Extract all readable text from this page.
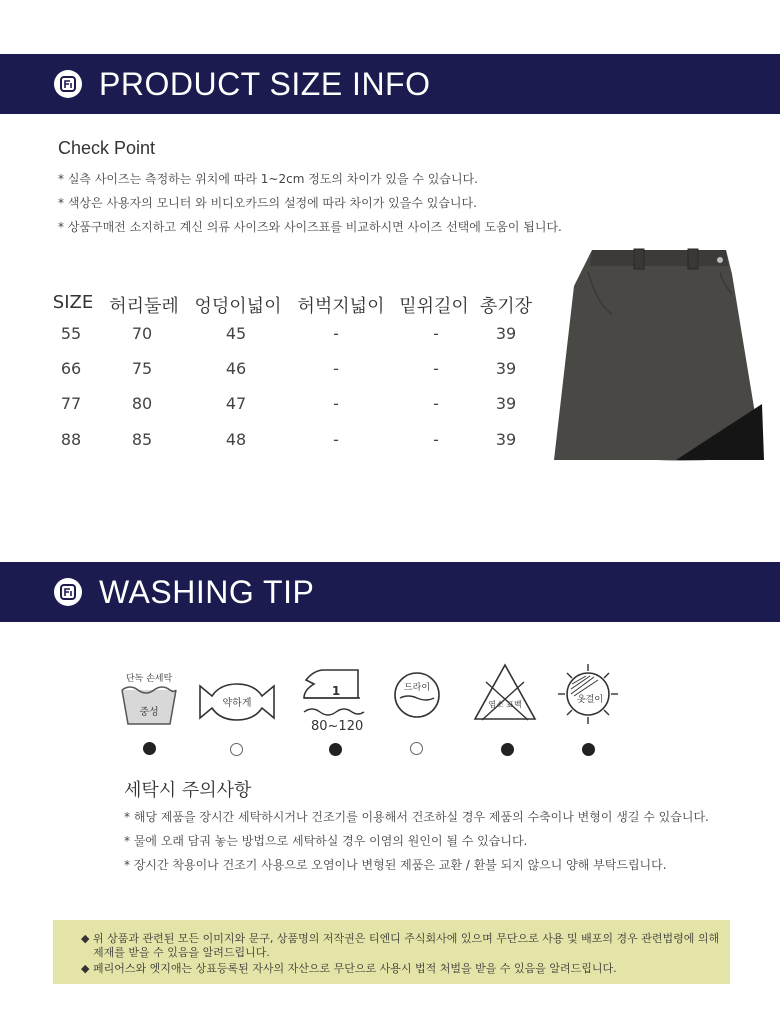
PRODUCT SIZE INFO
Check Point
* 실측 사이즈는 측정하는 위치에 따라 1~2cm 정도의 차이가 있을 수 있습니다.
* 색상은 사용자의 모니터 와 비디오카드의 설정에 따라 차이가 있을수 있습니다.
* 상품구매전 소지하고 계신 의류 사이즈와 사이즈표를 비교하시면 사이즈 선택에 도움이 됩니다.
SIZE 허리둘레 엉덩이넓이 허벅지넓이 밑위길이 총기장
55	70	45	-	-	39
66	75	46	-	-	39
77	80	47	-	-	39
88	85	48	-	-	39
WASHING TIP
단독 손세탁
중성
약하게
1
80~120
드라이
염소 표백	옷걸이
세탁시 주의사항
* 해당 제품을 장시간 세탁하시거나 건조기를 이용해서 건조하실 경우 제품의 수축이나 변형이 생길 수 있습니다.
* 물에 오래 담궈 놓는 방법으로 세탁하실 경우 이염의 원인이 될 수 있습니다.
* 장시간 착용이나 건조기 사용으로 오염이나 변형된 제품은 교환 / 환불 되지 않으니 양해 부탁드립니다.
◆ 위 상품과 관련된 모든 이미지와 문구, 상품명의 저작권은 티엔디 주식회사에 있으며 무단으로 사용 및 배포의 경우 관련법령에 의해
제재를 받을 수 있음을 알려드립니다.
◆ 페리어스와 엣지애는 상표등록된 자사의 자산으로 무단으로 사용시 법적 처벌을 받을 수 있음을 알려드립니다.
